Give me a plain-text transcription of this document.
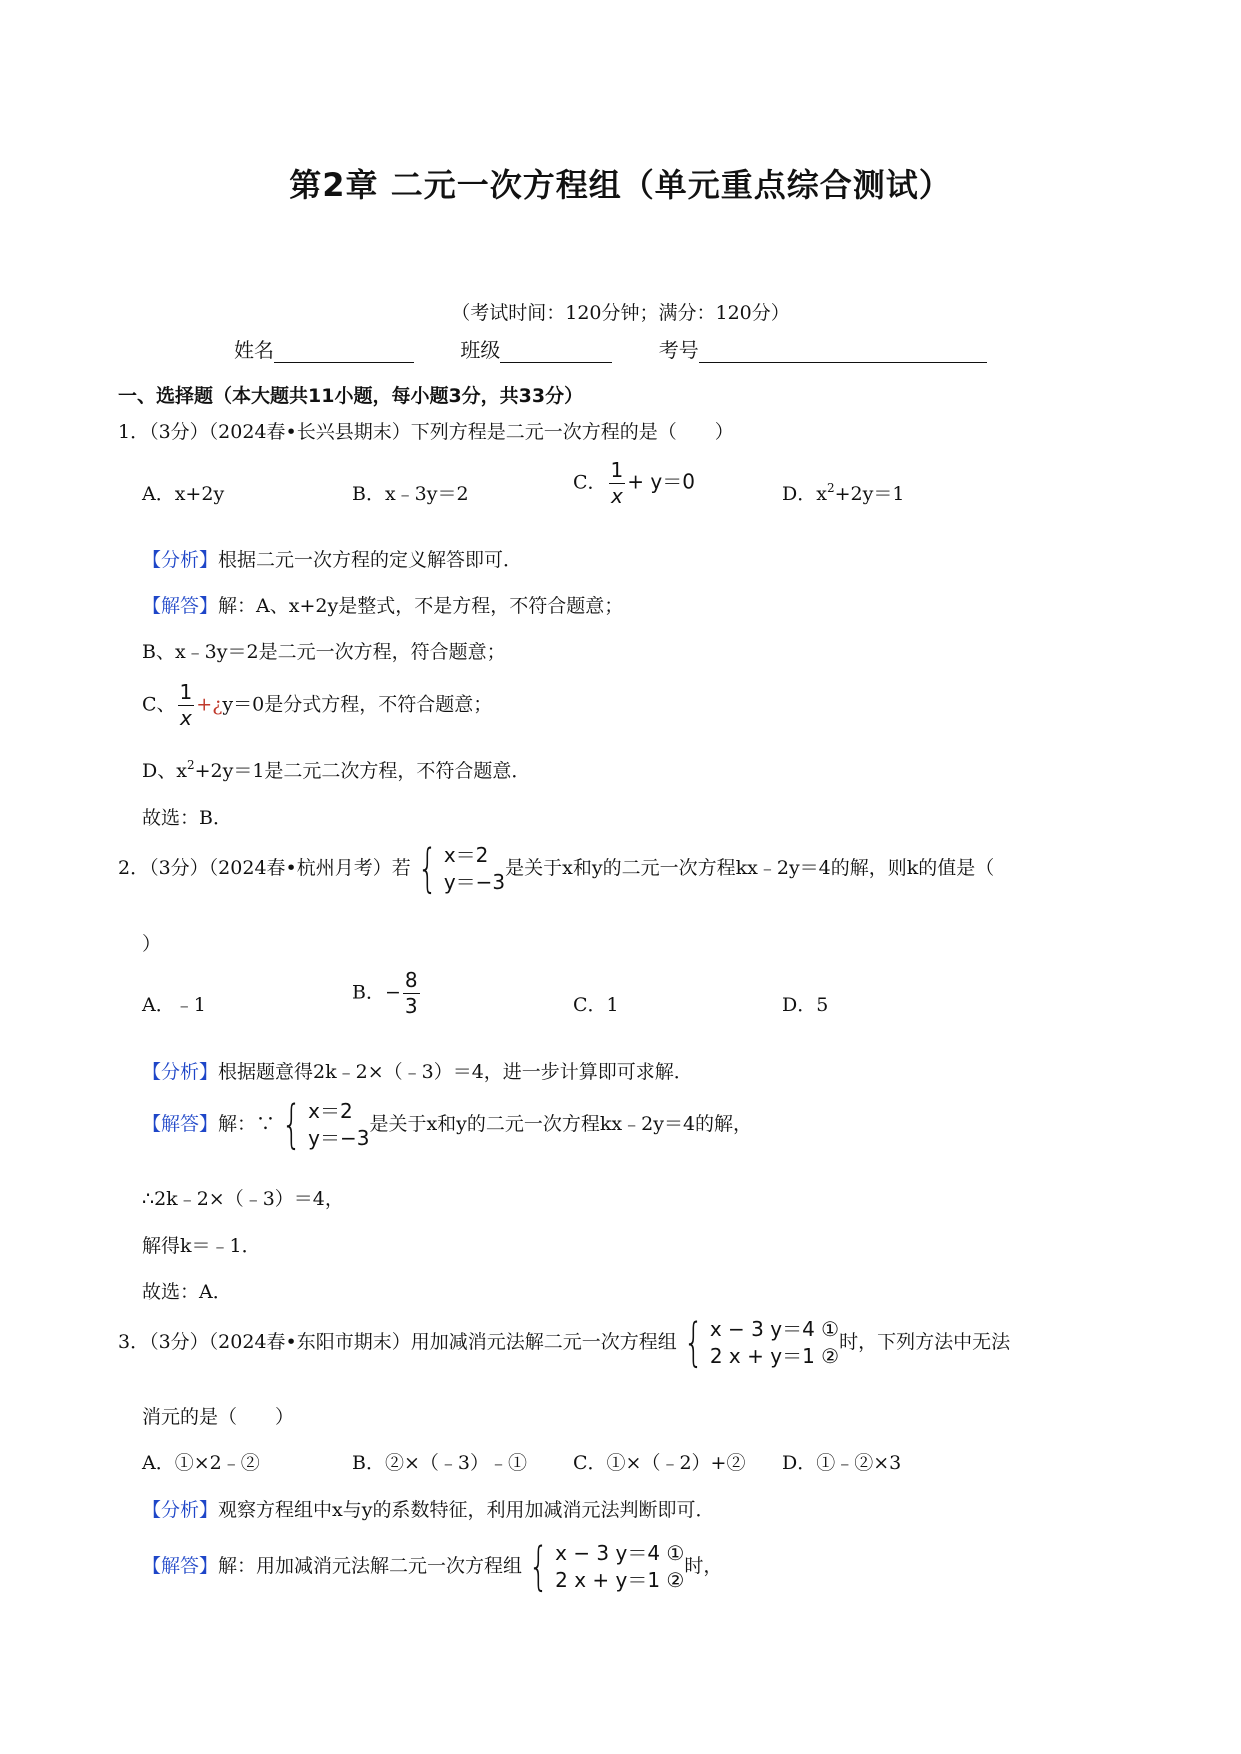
第2章 二元一次方程组（单元重点综合测试）
（考试时间：120分钟；满分：120分）
姓名	班级	考号
一、选择题（本大题共11小题，每小题3分，共33分）
1．（3分）（2024春•长兴县期末）下列方程是二元一次方程的是（　　）
A．x+2y	B．x﹣3y＝2
C． $\frac{1}{x} + y=0$
D．$x^2+2y=1$
【分析】根据二元一次方程的定义解答即可．
【解答】解：A、x+2y是整式，不是方程，不符合题意；
B、x﹣3y＝2是二元一次方程，符合题意；
C、 $\frac{1}{x}$ +¿y＝0是分式方程，不符合题意；
D、$x^2+2y=1$是二元二次方程，不符合题意．
故选：B．
2．（3分）（2024春•杭州月考）若 { x＝2
y＝−3
是关于x和y的二元一次方程kx﹣2y＝4的解，则k的值是（
）
A．﹣1
B．− $\frac{8}{3}$	C．1	D．5
【分析】根据题意得2k﹣2×（﹣3）＝4，进一步计算即可求解．
【解答】解：∵ { x＝2
y＝−3
是关于x和y的二元一次方程kx﹣2y＝4的解，
∴2k﹣2×（﹣3）＝4，
解得k＝﹣1．
故选：A．
3．（3分）（2024春•东阳市期末）用加减消元法解二元一次方程组 { x − 3 y＝4 ①
2 x + y＝1 ②
时，下列方法中无法
消元的是（　　）
A．①×2﹣②	B．②×（﹣3）﹣① C．①×（﹣2）+② D．①﹣②×3
【分析】观察方程组中x与y的系数特征，利用加减消元法判断即可．
【解答】解：用加减消元法解二元一次方程组 { x − 3 y＝4 ①
2 x + y＝1 ②
时，
